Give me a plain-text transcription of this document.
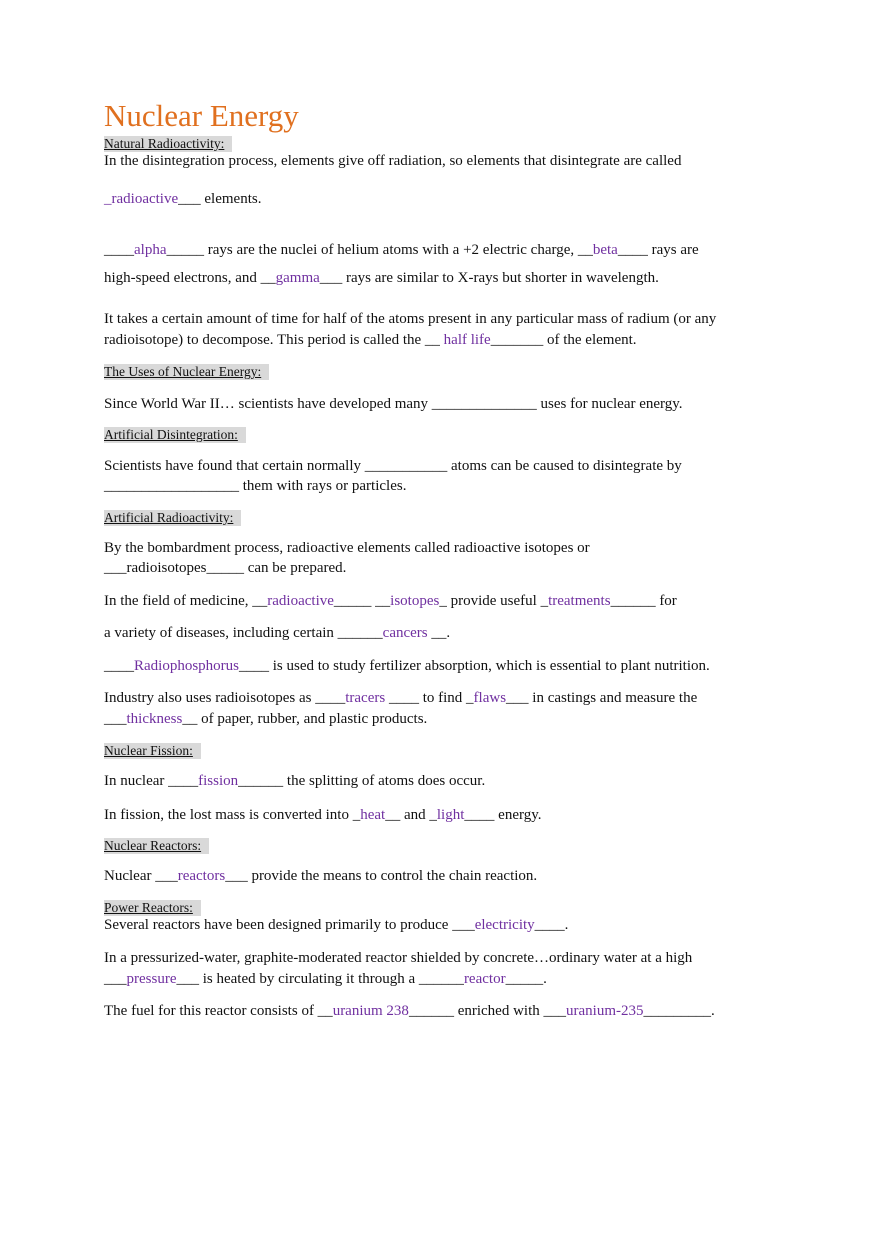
Nuclear Energy
Natural Radioactivity:

In the disintegration process, elements give off radiation, so elements that disintegrate are called

_radioactive___ elements.

____alpha_____ rays are the nuclei of helium atoms with a +2 electric charge, __beta____ rays are

high-speed electrons, and __gamma___ rays are similar to X-rays but shorter in wavelength.

It takes a certain amount of time for half of the atoms present in any particular mass of radium (or any

radioisotope) to decompose. This period is called the __ half life_______ of the element.

The Uses of Nuclear Energy:

Since World War II… scientists have developed many ______________ uses for nuclear energy.

Artificial Disintegration:

Scientists have found that certain normally ___________ atoms can be caused to disintegrate by

__________________ them with rays or particles.

Artificial Radioactivity:

By the bombardment process, radioactive elements called radioactive isotopes or

___radioisotopes_____ can be prepared.

In the field of medicine, __radioactive_____ __isotopes_ provide useful _treatments______ for

a variety of diseases, including certain ______cancers __.

____Radiophosphorus____ is used to study fertilizer absorption, which is essential to plant nutrition.

Industry also uses radioisotopes as ____tracers ____ to find _flaws___ in castings and measure the

___thickness__ of paper, rubber, and plastic products.

Nuclear Fission:

In nuclear ____fission______ the splitting of atoms does occur.

In fission, the lost mass is converted into _heat__ and _light____ energy.

Nuclear Reactors:

Nuclear ___reactors___ provide the means to control the chain reaction.

Power Reactors:

Several reactors have been designed primarily to produce ___electricity____.

In a pressurized-water, graphite-moderated reactor shielded by concrete…ordinary water at a high

___pressure___ is heated by circulating it through a ______reactor_____.

The fuel for this reactor consists of __uranium 238______ enriched with ___uranium-235_________.
